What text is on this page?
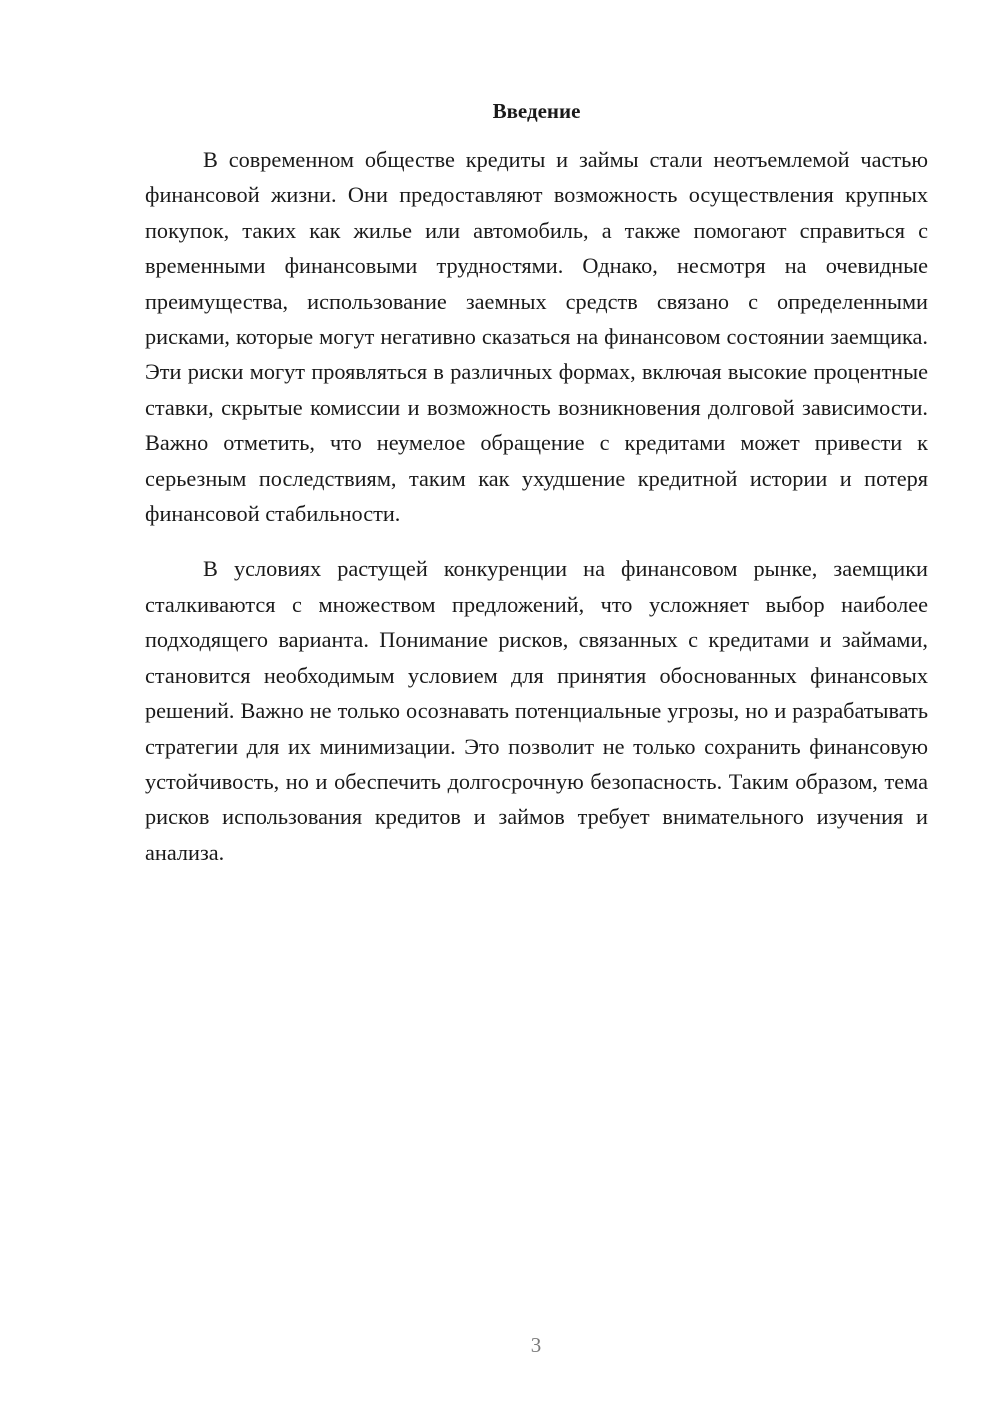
Введение

В современном обществе кредиты и займы стали неотъемлемой частью финансовой жизни. Они предоставляют возможность осуществления крупных покупок, таких как жилье или автомобиль, а также помогают справиться с временными финансовыми трудностями. Однако, несмотря на очевидные преимущества, использование заемных средств связано с определенными рисками, которые могут негативно сказаться на финансовом состоянии заемщика. Эти риски могут проявляться в различных формах, включая высокие процентные ставки, скрытые комиссии и возможность возникновения долговой зависимости. Важно отметить, что неумелое обращение с кредитами может привести к серьезным последствиям, таким как ухудшение кредитной истории и потеря финансовой стабильности.

В условиях растущей конкуренции на финансовом рынке, заемщики сталкиваются с множеством предложений, что усложняет выбор наиболее подходящего варианта. Понимание рисков, связанных с кредитами и займами, становится необходимым условием для принятия обоснованных финансовых решений. Важно не только осознавать потенциальные угрозы, но и разрабатывать стратегии для их минимизации. Это позволит не только сохранить финансовую устойчивость, но и обеспечить долгосрочную безопасность. Таким образом, тема рисков использования кредитов и займов требует внимательного изучения и анализа.

3
